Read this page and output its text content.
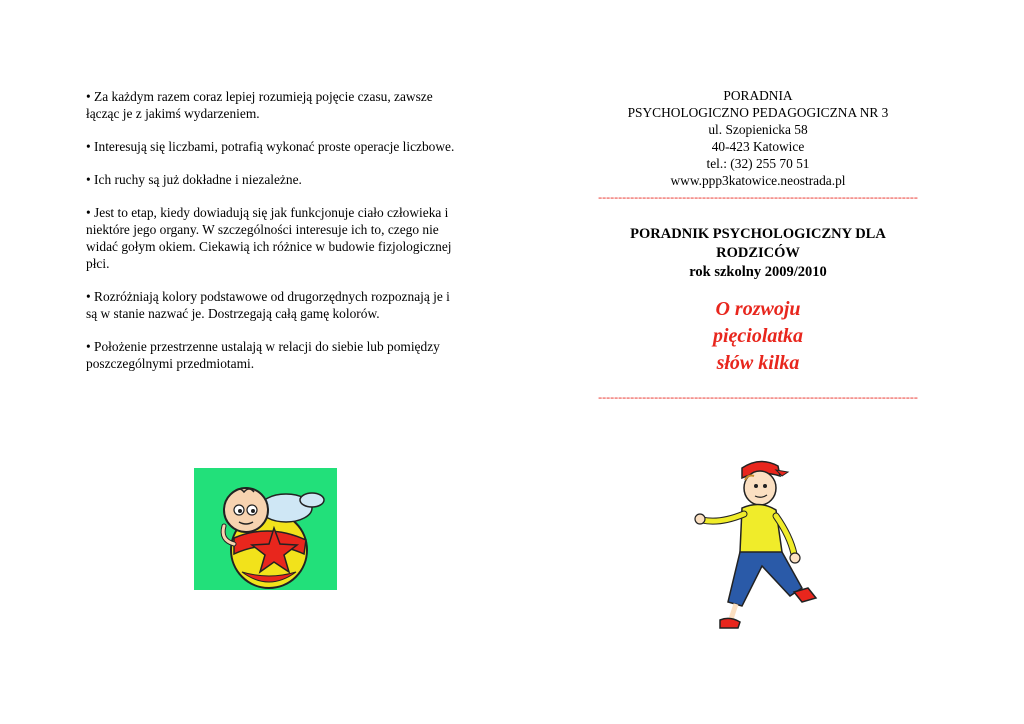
• Za każdym razem coraz lepiej rozumieją pojęcie czasu, zawsze łącząc je z jakimś wydarzeniem.

• Interesują się liczbami, potrafią wykonać proste operacje liczbowe.

• Ich ruchy są już dokładne i niezależne.

• Jest to etap, kiedy dowiadują się jak funkcjonuje ciało człowieka i niektóre jego organy. W szczególności interesuje ich to, czego nie widać gołym okiem. Ciekawią ich różnice w budowie fizjologicznej płci.

• Rozróżniają kolory podstawowe od drugorzędnych rozpoznają je i są w stanie nazwać je. Dostrzegają całą gamę kolorów.

• Położenie przestrzenne ustalają w relacji do siebie lub pomiędzy poszczególnymi przedmiotami.

PORADNIA
PSYCHOLOGICZNO PEDAGOGICZNA NR 3
ul. Szopienicka 58
40-423 Katowice
tel.: (32) 255 70 51
www.ppp3katowice.neostrada.pl
--------------------------------------------------------------------------------
PORADNIK PSYCHOLOGICZNY DLA
RODZICÓW
rok szkolny 2009/2010
O rozwoju
pięciolatka
słów kilka
--------------------------------------------------------------------------------
